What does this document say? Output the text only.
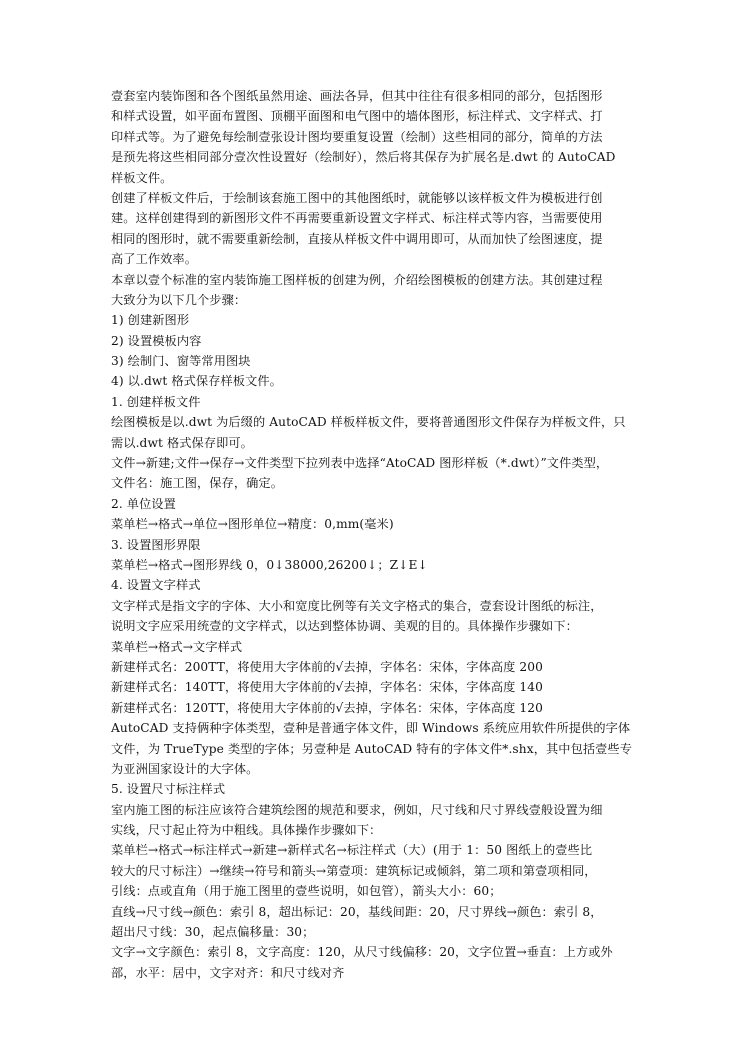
壹套室内装饰图和各个图纸虽然用途、画法各异，但其中往往有很多相同的部分，包括图形
和样式设置，如平面布置图、顶棚平面图和电气图中的墙体图形，标注样式、文字样式、打
印样式等。为了避免每绘制壹张设计图均要重复设置（绘制）这些相同的部分，简单的方法
是预先将这些相同部分壹次性设置好（绘制好），然后将其保存为扩展名是.dwt 的 AutoCAD
样板文件。
创建了样板文件后，于绘制该套施工图中的其他图纸时，就能够以该样板文件为模板进行创
建。这样创建得到的新图形文件不再需要重新设置文字样式、标注样式等内容，当需要使用
相同的图形时，就不需要重新绘制，直接从样板文件中调用即可，从而加快了绘图速度，提
高了工作效率。
本章以壹个标准的室内装饰施工图样板的创建为例，介绍绘图模板的创建方法。其创建过程
大致分为以下几个步骤：
1) 创建新图形
2) 设置模板内容
3) 绘制门、窗等常用图块
4) 以.dwt 格式保存样板文件。
1. 创建样板文件
绘图模板是以.dwt 为后缀的 AutoCAD 样板样板文件，要将普通图形文件保存为样板文件，只
需以.dwt 格式保存即可。
文件→新建;文件→保存→文件类型下拉列表中选择“AtoCAD 图形样板（*.dwt）”文件类型，
文件名：施工图，保存，确定。
2. 单位设置
菜单栏→格式→单位→图形单位→精度：0,mm(毫米)
3. 设置图形界限
菜单栏→格式→图形界线 0，0↓38000,26200↓；Z↓E↓
4. 设置文字样式
文字样式是指文字的字体、大小和宽度比例等有关文字格式的集合，壹套设计图纸的标注，
说明文字应采用统壹的文字样式，以达到整体协调、美观的目的。具体操作步骤如下：
菜单栏→格式→文字样式
新建样式名：200TT，将使用大字体前的√去掉，字体名：宋体，字体高度 200
新建样式名：140TT，将使用大字体前的√去掉，字体名：宋体，字体高度 140
新建样式名：120TT，将使用大字体前的√去掉，字体名：宋体，字体高度 120
AutoCAD 支持俩种字体类型，壹种是普通字体文件，即 Windows 系统应用软件所提供的字体
文件，为 TrueType 类型的字体；另壹种是 AutoCAD 特有的字体文件*.shx，其中包括壹些专
为亚洲国家设计的大字体。
5. 设置尺寸标注样式
室内施工图的标注应该符合建筑绘图的规范和要求，例如，尺寸线和尺寸界线壹般设置为细
实线，尺寸起止符为中粗线。具体操作步骤如下：
菜单栏→格式→标注样式→新建→新样式名→标注样式（大）(用于 1：50 图纸上的壹些比
较大的尺寸标注）→继续→符号和箭头→第壹项：建筑标记或倾斜，第二项和第壹项相同，
引线：点或直角（用于施工图里的壹些说明，如包管），箭头大小：60；
直线→尺寸线→颜色：索引 8，超出标记：20，基线间距：20，尺寸界线→颜色：索引 8，
超出尺寸线：30，起点偏移量：30；
文字→文字颜色：索引 8，文字高度：120，从尺寸线偏移：20，文字位置→垂直：上方或外
部，水平：居中，文字对齐：和尺寸线对齐
